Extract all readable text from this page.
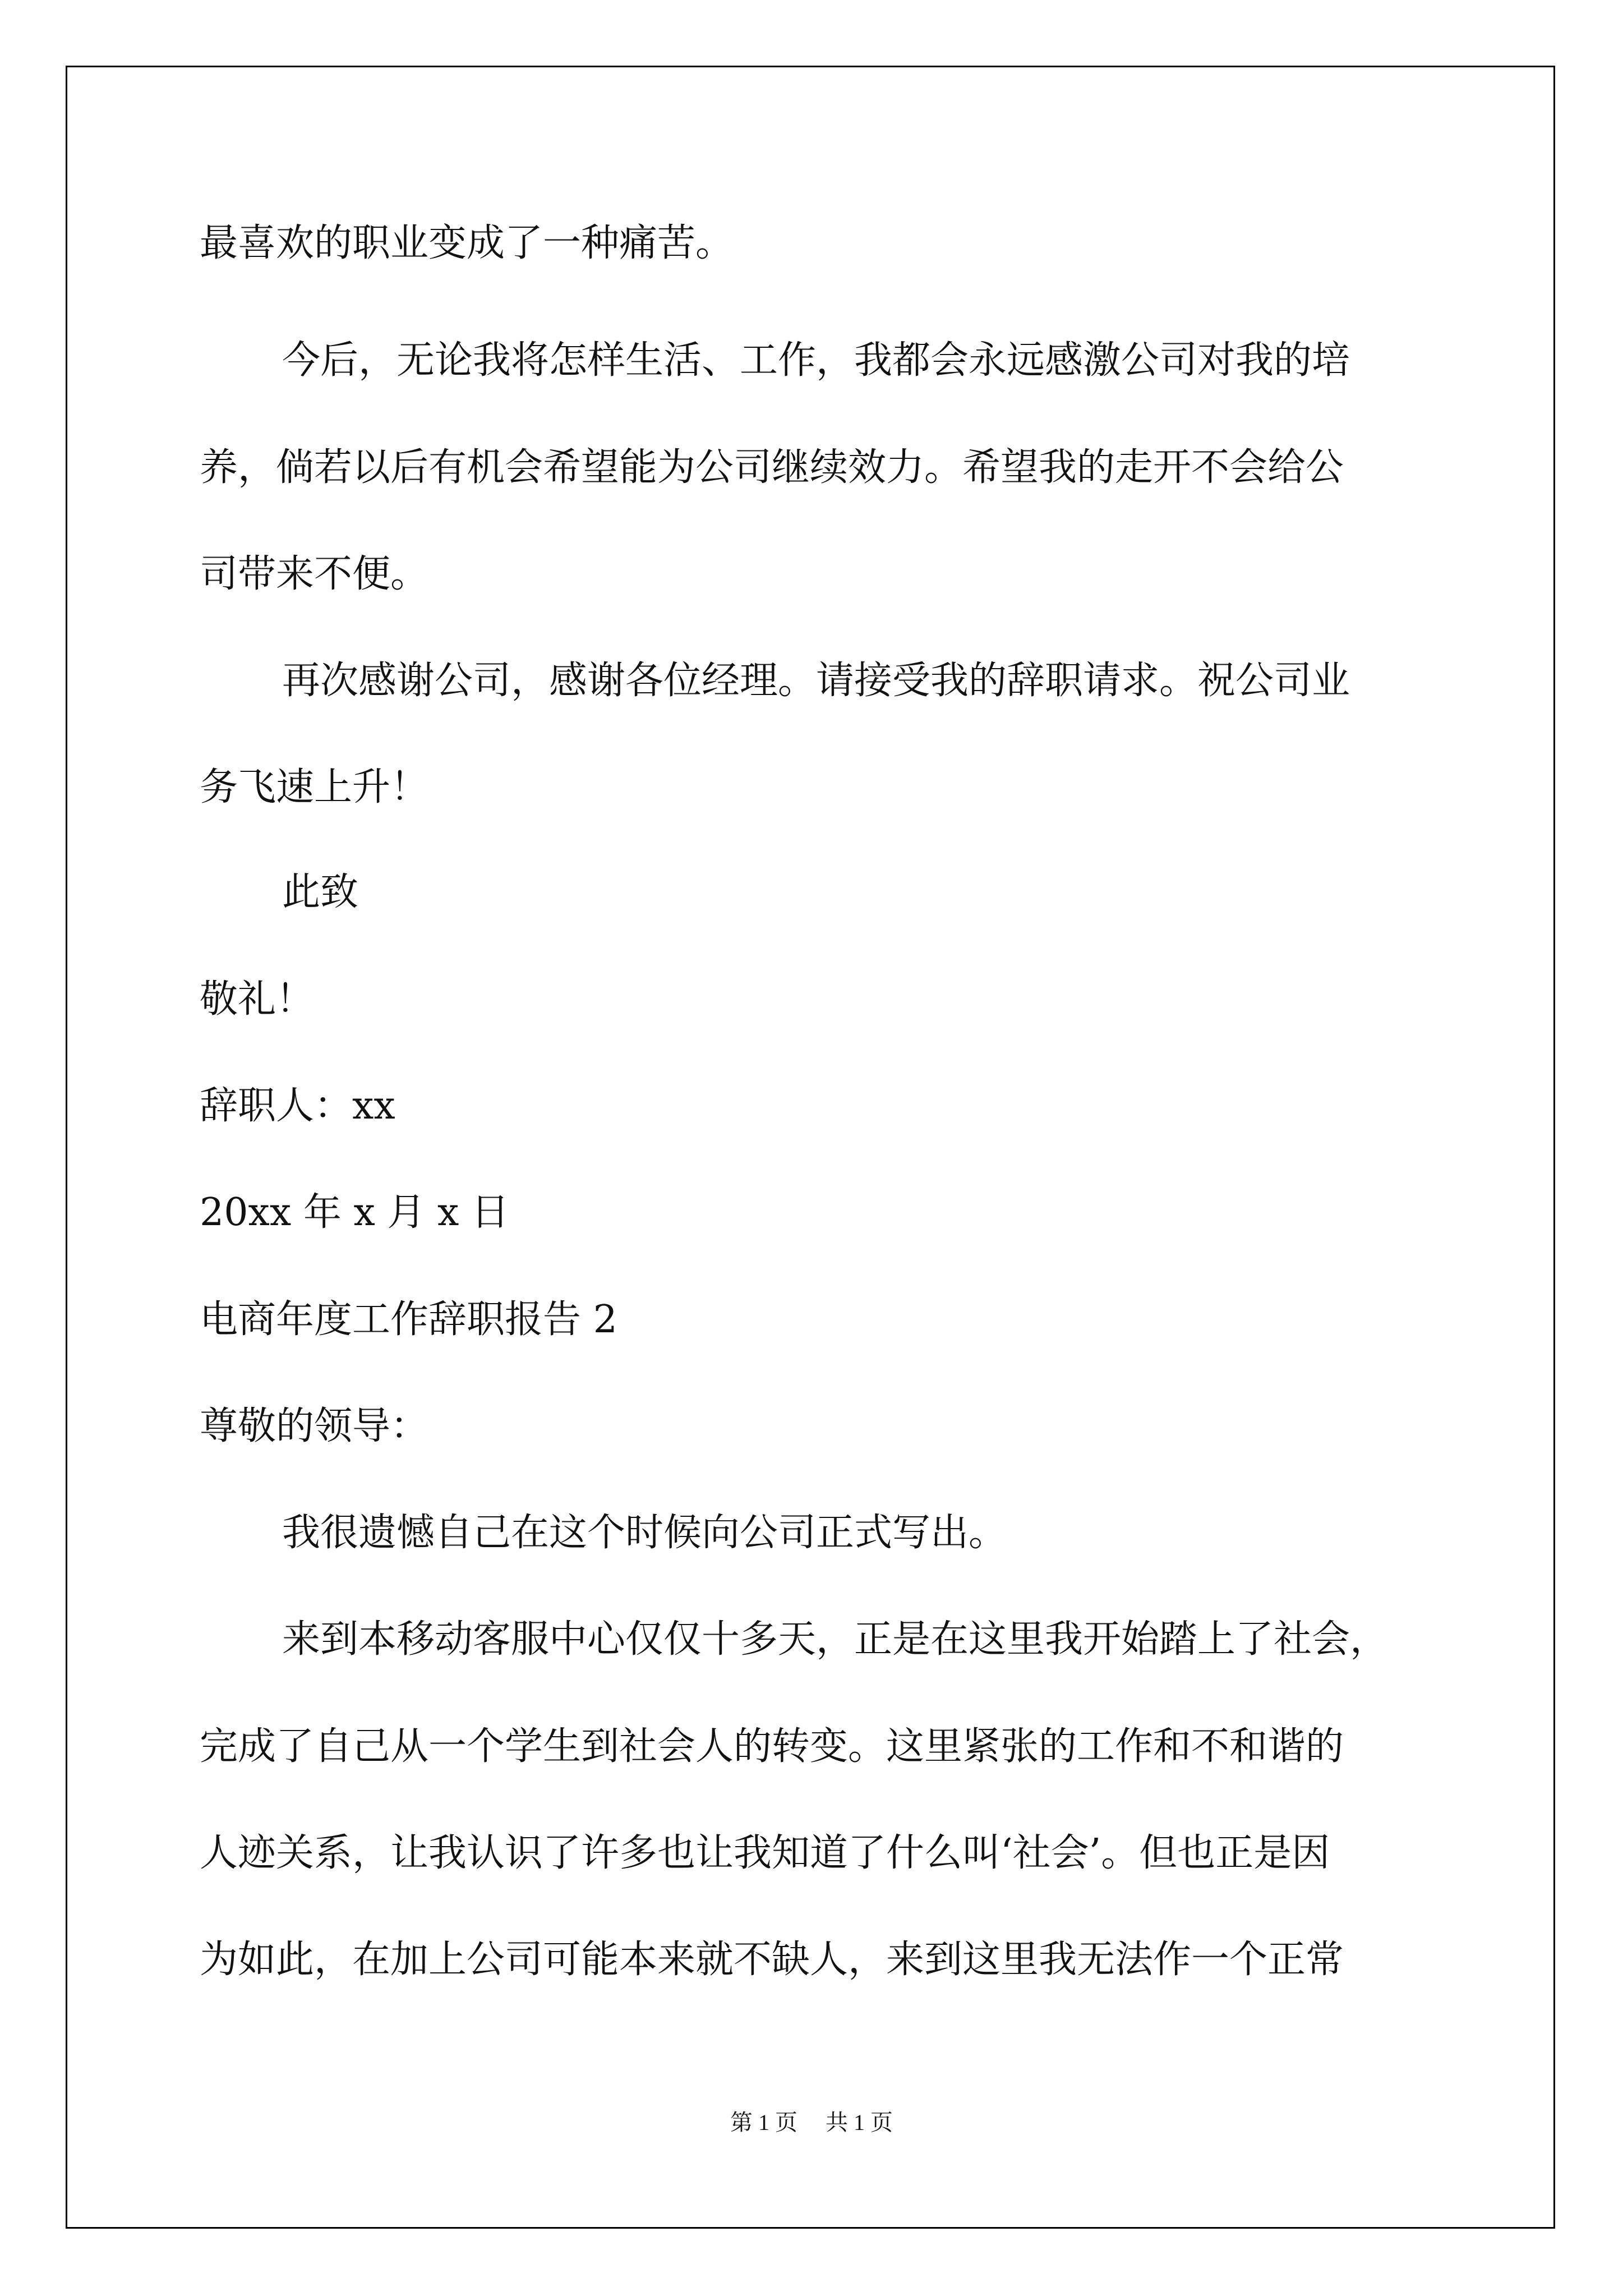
最喜欢的职业变成了一种痛苦。
今后，无论我将怎样生活、工作，我都会永远感激公司对我的培
养，倘若以后有机会希望能为公司继续效力。希望我的走开不会给公
司带来不便。
再次感谢公司，感谢各位经理。请接受我的辞职请求。祝公司业
务飞速上升！
此致
敬礼！
辞职人：xx
20xx 年 x 月 x 日
电商年度工作辞职报告 2
尊敬的领导：
我很遗憾自己在这个时候向公司正式写出。
来到本移动客服中心仅仅十多天，正是在这里我开始踏上了社会，
完成了自己从一个学生到社会人的转变。这里紧张的工作和不和谐的
人迹关系，让我认识了许多也让我知道了什么叫‘社会’。但也正是因
为如此，在加上公司可能本来就不缺人，来到这里我无法作一个正常
第 1 页 共 1 页
